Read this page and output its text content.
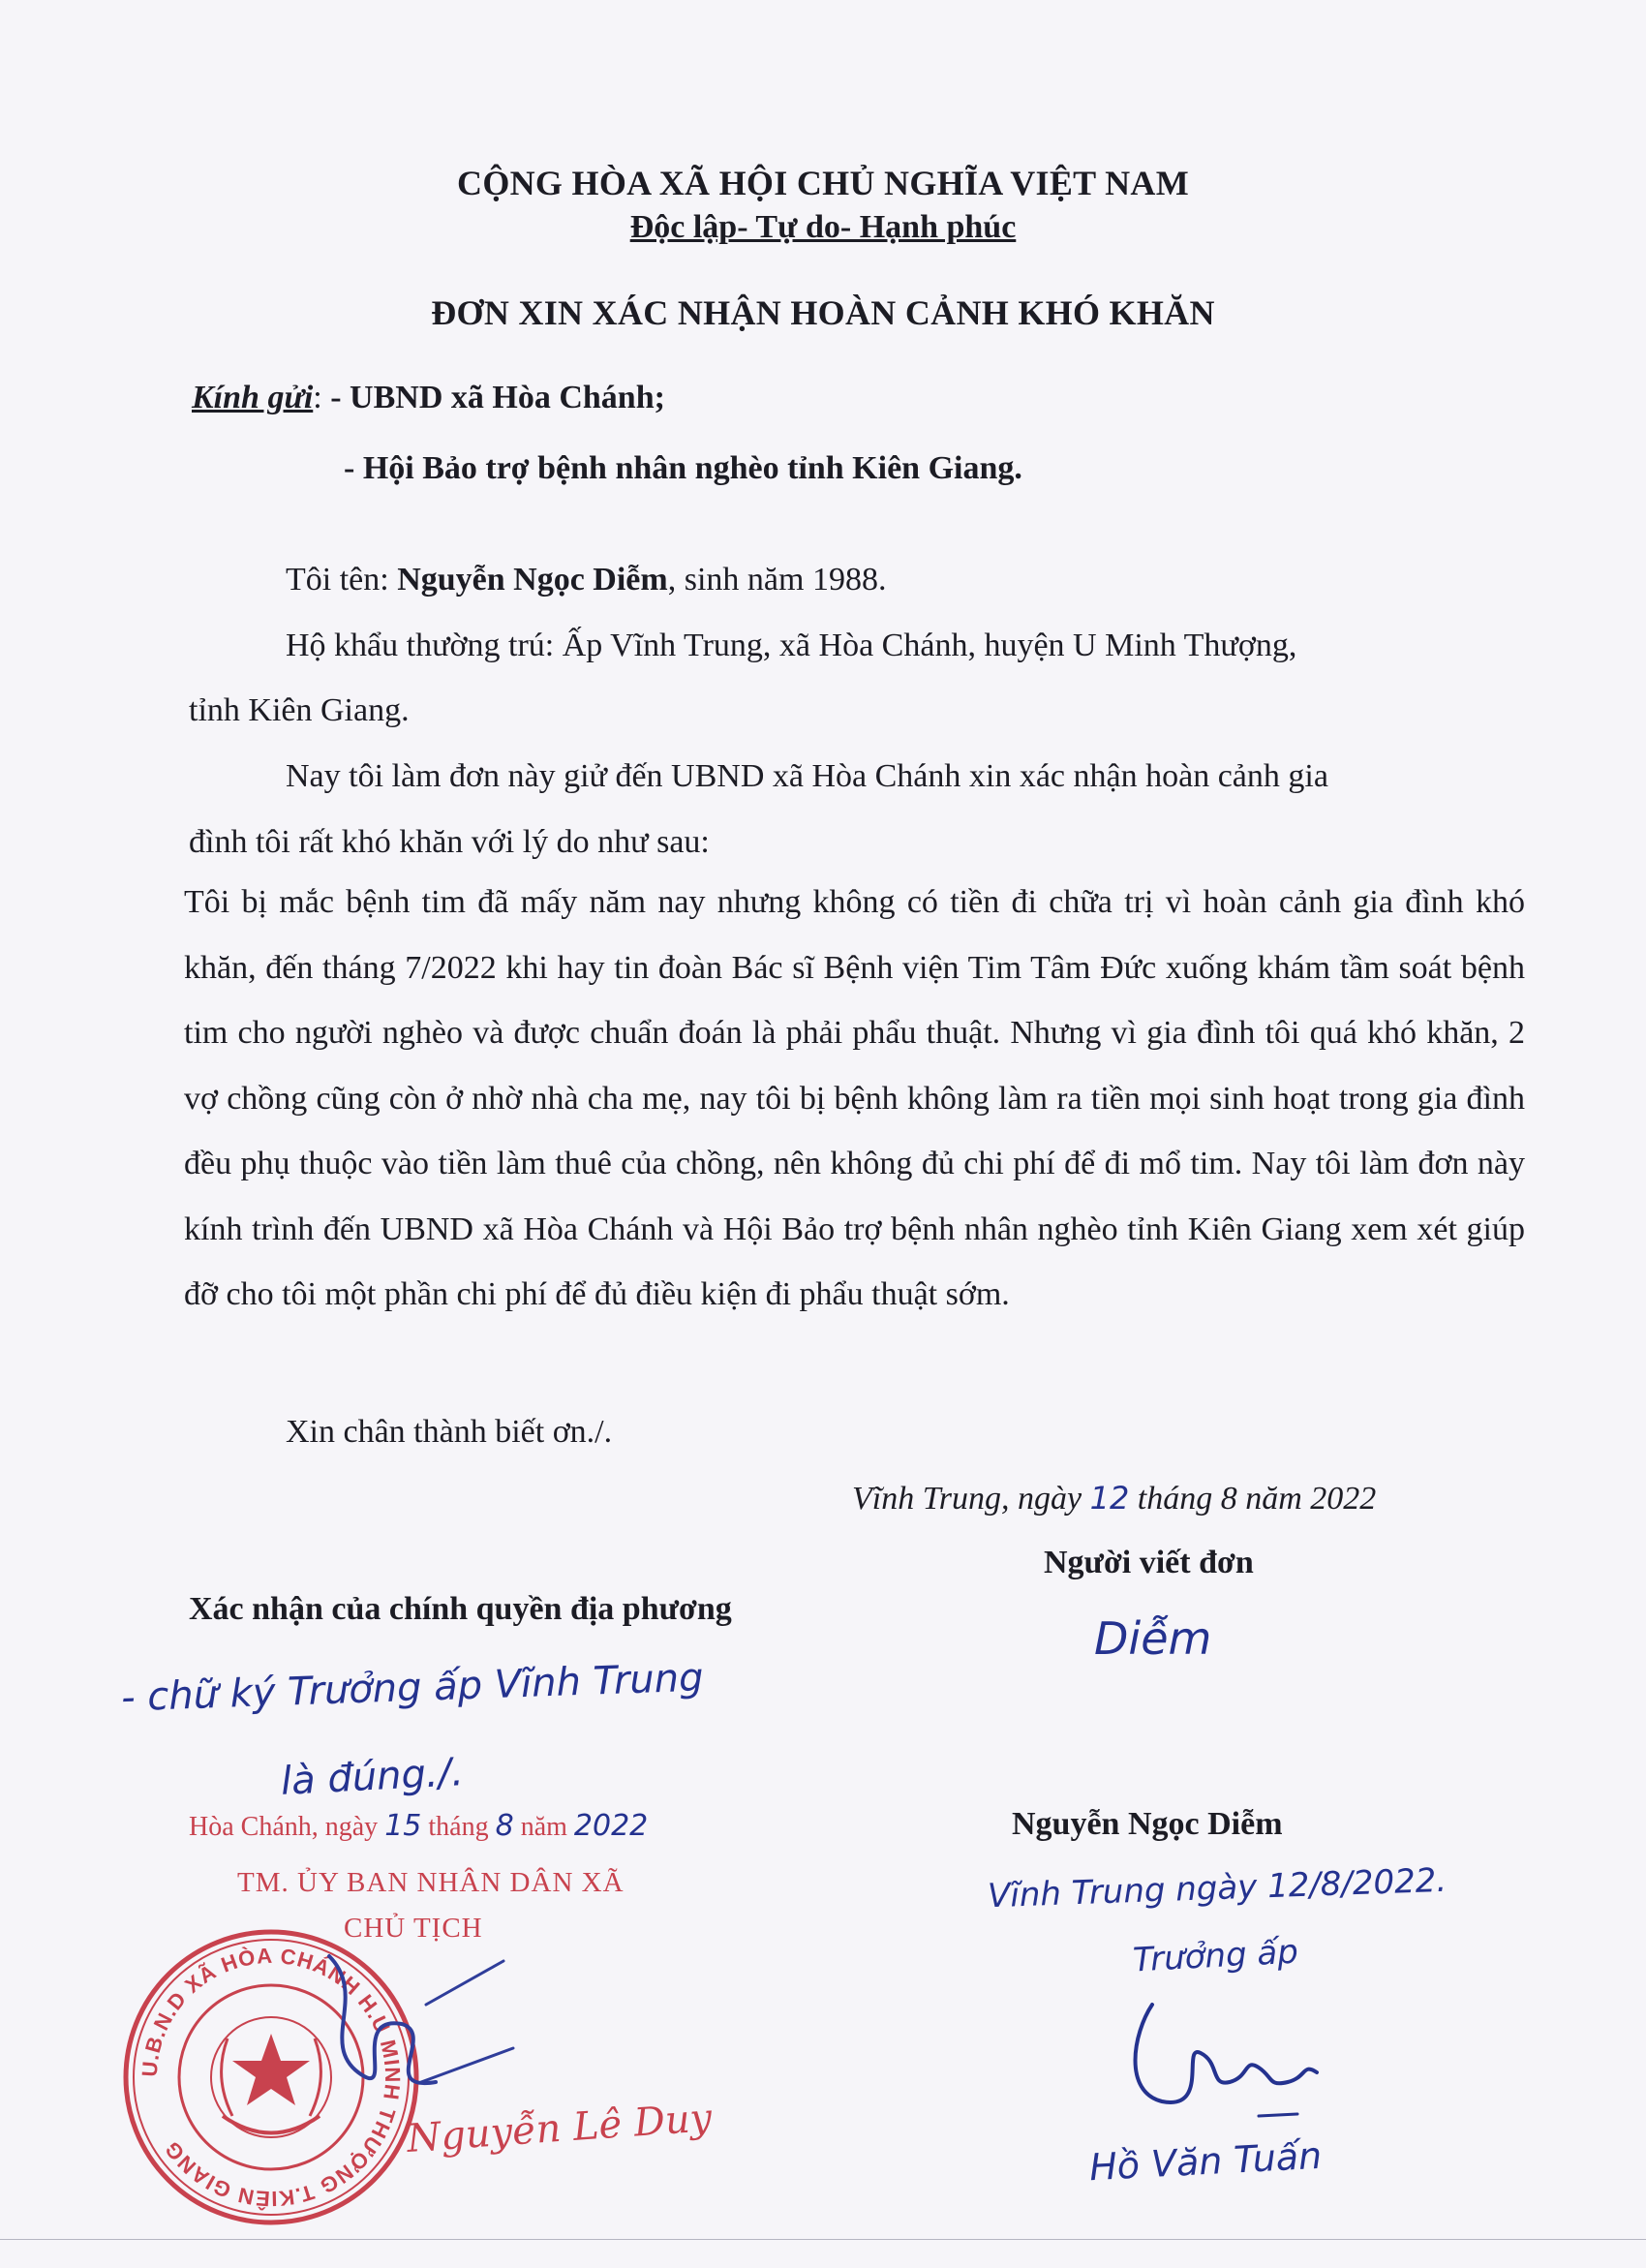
CỘNG HÒA XÃ HỘI CHỦ NGHĨA VIỆT NAM
Độc lập- Tự do- Hạnh phúc
ĐƠN XIN XÁC NHẬN HOÀN CẢNH KHÓ KHĂN
Kính gửi: - UBND xã Hòa Chánh;
- Hội Bảo trợ bệnh nhân nghèo tỉnh Kiên Giang.
Tôi tên: Nguyễn Ngọc Diễm, sinh năm 1988.
Hộ khẩu thường trú: Ấp Vĩnh Trung, xã Hòa Chánh, huyện U Minh Thượng,
tỉnh Kiên Giang.
Nay tôi làm đơn này giử đến UBND xã Hòa Chánh xin xác nhận hoàn cảnh gia
đình tôi rất khó khăn với lý do như sau:
Tôi bị mắc bệnh tim đã mấy năm nay nhưng không có tiền đi chữa trị vì hoàn cảnh gia đình khó khăn, đến tháng 7/2022 khi hay tin đoàn Bác sĩ Bệnh viện Tim Tâm Đức xuống khám tầm soát bệnh tim cho người nghèo và được chuẩn đoán là phải phẩu thuật. Nhưng vì gia đình tôi quá khó khăn, 2 vợ chồng cũng còn ở nhờ nhà cha mẹ, nay tôi bị bệnh không làm ra tiền mọi sinh hoạt trong gia đình đều phụ thuộc vào tiền làm thuê của chồng, nên không đủ chi phí để đi mổ tim. Nay tôi làm đơn này kính trình đến UBND xã Hòa Chánh và Hội Bảo trợ bệnh nhân nghèo tỉnh Kiên Giang xem xét giúp đỡ cho tôi một phần chi phí để đủ điều kiện đi phẩu thuật sớm.
Xin chân thành biết ơn./.
Vĩnh Trung, ngày 12 tháng 8 năm 2022
Người viết đơn
Diễm
Nguyễn Ngọc Diễm
Xác nhận của chính quyền địa phương
- chữ ký Trưởng ấp Vĩnh Trung
là đúng./.
Hòa Chánh, ngày 15 tháng 8 năm 2022
TM. ỦY BAN NHÂN DÂN XÃ
CHỦ TỊCH
U.B.N.D XÃ HÒA CHÁNH H.U MINH THƯỢNG T.KIÊN GIANG	Nguyễn Lê Duy
Vĩnh Trung ngày 12/8/2022.
Trưởng ấp
Hồ Văn Tuấn
